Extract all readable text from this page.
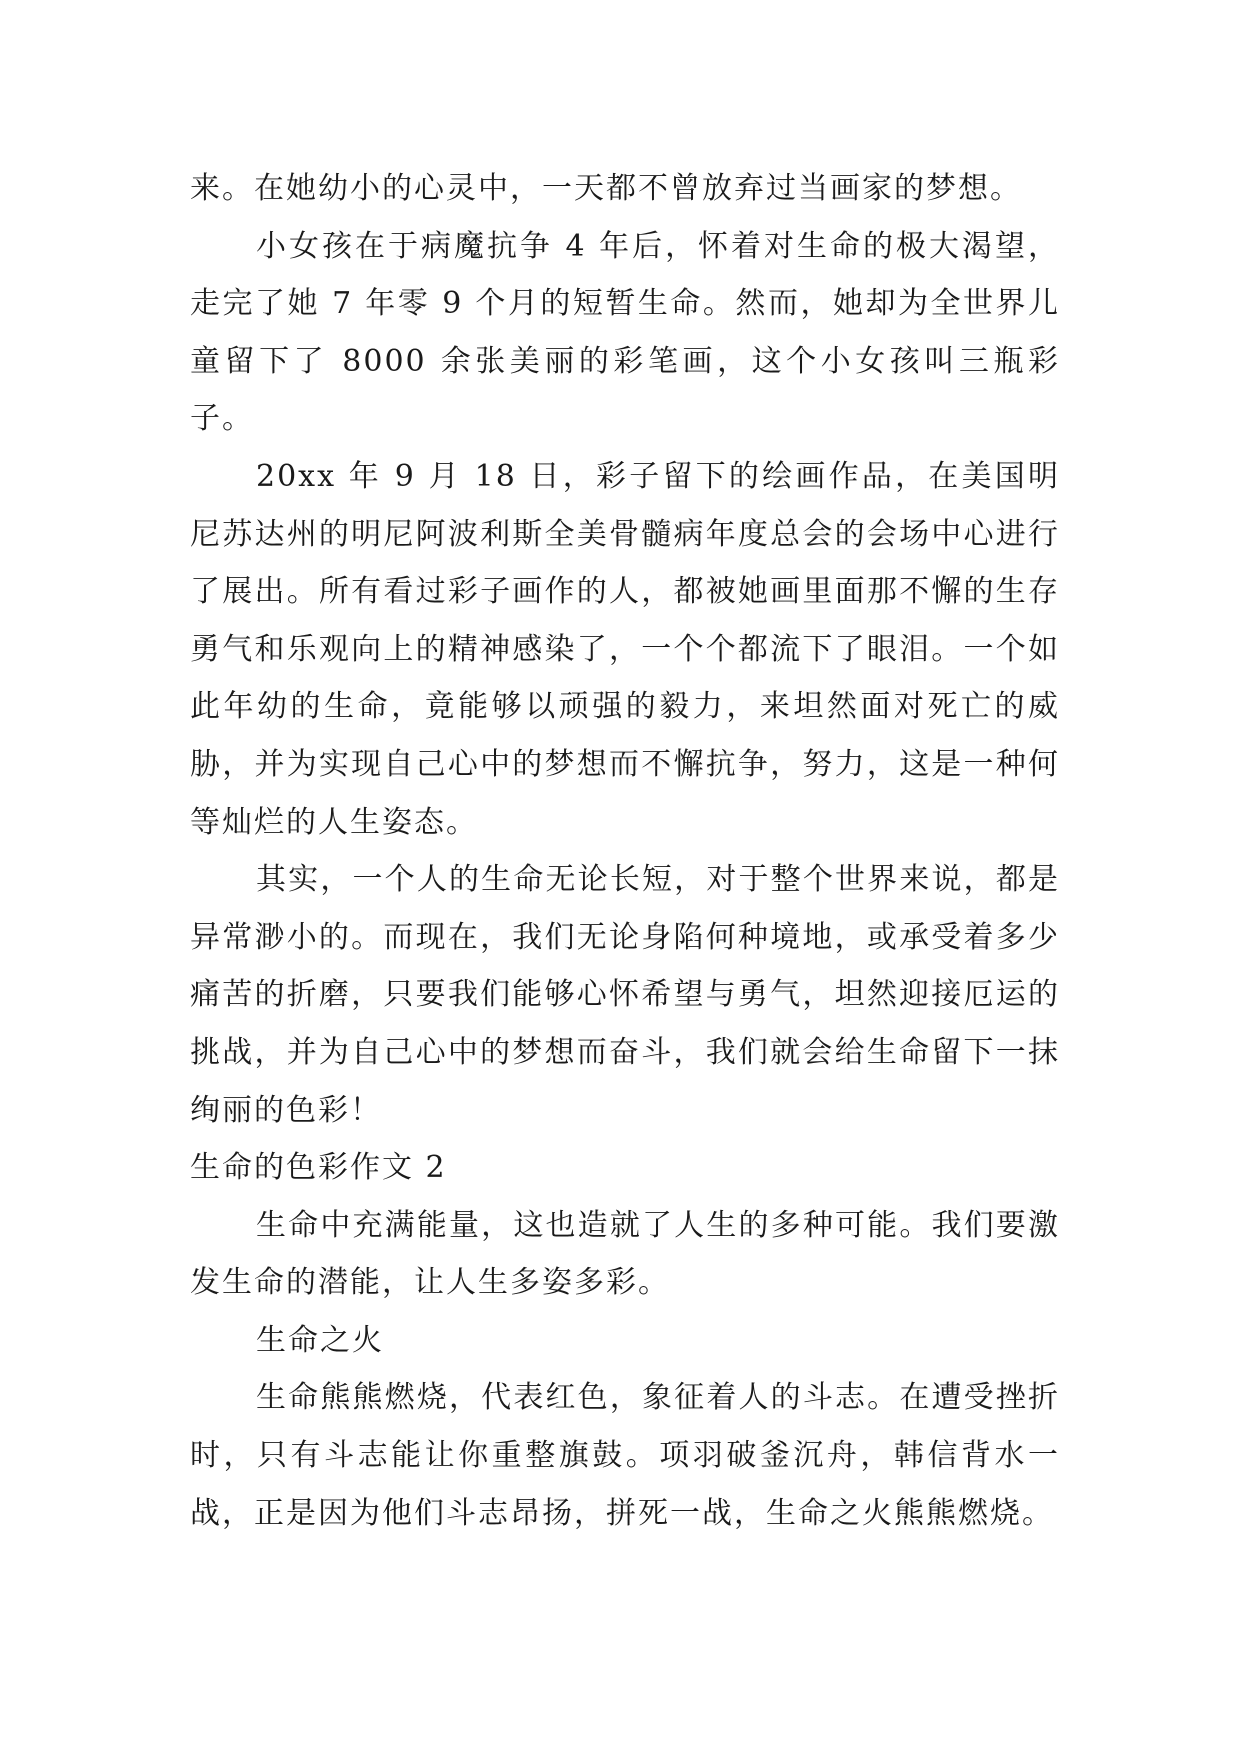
来。在她幼小的心灵中，一天都不曾放弃过当画家的梦想。

小女孩在于病魔抗争 4 年后，怀着对生命的极大渴望，走完了她 7 年零 9 个月的短暂生命。然而，她却为全世界儿童留下了 8000 余张美丽的彩笔画，这个小女孩叫三瓶彩子。

20xx 年 9 月 18 日，彩子留下的绘画作品，在美国明尼苏达州的明尼阿波利斯全美骨髓病年度总会的会场中心进行了展出。所有看过彩子画作的人，都被她画里面那不懈的生存勇气和乐观向上的精神感染了，一个个都流下了眼泪。一个如此年幼的生命，竟能够以顽强的毅力，来坦然面对死亡的威胁，并为实现自己心中的梦想而不懈抗争，努力，这是一种何等灿烂的人生姿态。

其实，一个人的生命无论长短，对于整个世界来说，都是异常渺小的。而现在，我们无论身陷何种境地，或承受着多少痛苦的折磨，只要我们能够心怀希望与勇气，坦然迎接厄运的挑战，并为自己心中的梦想而奋斗，我们就会给生命留下一抹绚丽的色彩！

生命的色彩作文 2

生命中充满能量，这也造就了人生的多种可能。我们要激发生命的潜能，让人生多姿多彩。

生命之火

生命熊熊燃烧，代表红色，象征着人的斗志。在遭受挫折时，只有斗志能让你重整旗鼓。项羽破釜沉舟，韩信背水一战，正是因为他们斗志昂扬，拼死一战，生命之火熊熊燃烧。
